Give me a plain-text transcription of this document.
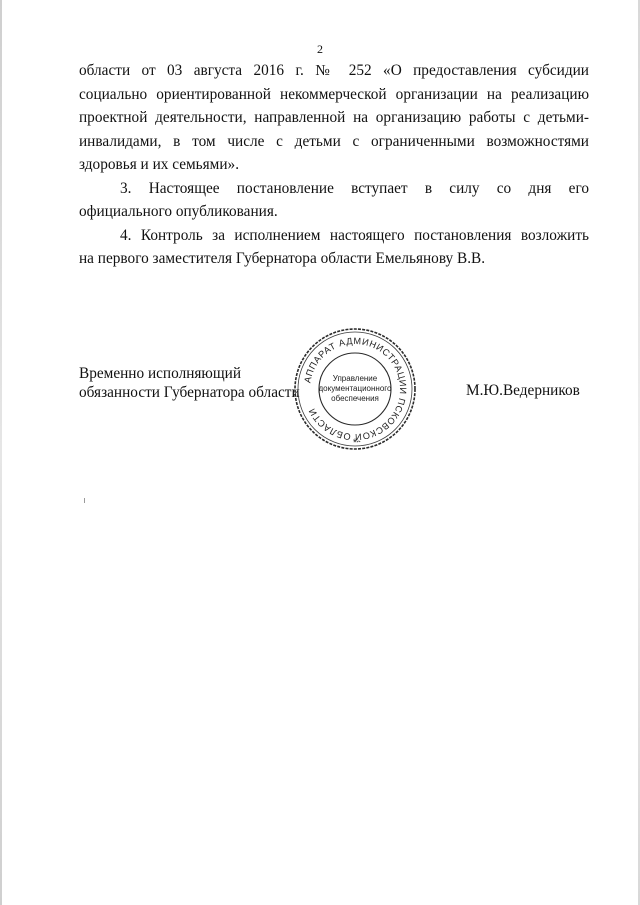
2
области от 03 августа 2016 г. № 252 «О предоставления субсидии
социально ориентированной некоммерческой организации на реализацию
проектной деятельности, направленной на организацию работы с детьми-
инвалидами, в том числе с детьми с ограниченными возможностями
здоровья и их семьями».
3. Настоящее постановление вступает в силу со дня его
официального опубликования.
4. Контроль за исполнением настоящего постановления возложить
на первого заместителя Губернатора области Емельянову В.В.
Временно исполняющий
обязанности Губернатора области	М.Ю.Ведерников
АППАРАТ АДМИНИСТРАЦИИ ПСКОВСКОЙ ОБЛАСТИ
Управление
документационного
обеспечения
*
